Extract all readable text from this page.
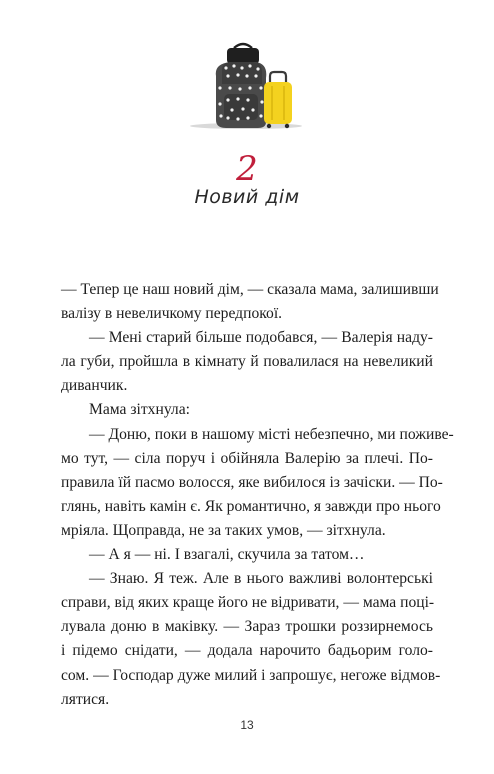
2
Новий дім

— Тепер це наш новий дім, — сказала мама, залишивши
валізу в невеличкому передпокої.

— Мені старий більше подобався, — Валерія наду-
ла губи, пройшла в кімнату й повалилася на невеликий
диванчик.

Мама зітхнула:

— Доню, поки в нашому місті небезпечно, ми поживе-
мо тут, — сіла поруч і обійняла Валерію за плечі. По-
правила їй пасмо волосся, яке вибилося із зачіски. — По-
глянь, навіть камін є. Як романтично, я завжди про нього
мріяла. Щоправда, не за таких умов, — зітхнула.

— А я — ні. І взагалі, скучила за татом…

— Знаю. Я теж. Але в нього важливі волонтерські
справи, від яких краще його не відривати, — мама поці-
лувала доню в маківку. — Зараз трошки роззирнемось
і підемо снідати, — додала нарочито бадьорим голо-
сом. — Господар дуже милий і запрошує, негоже відмов-
лятися.

13
